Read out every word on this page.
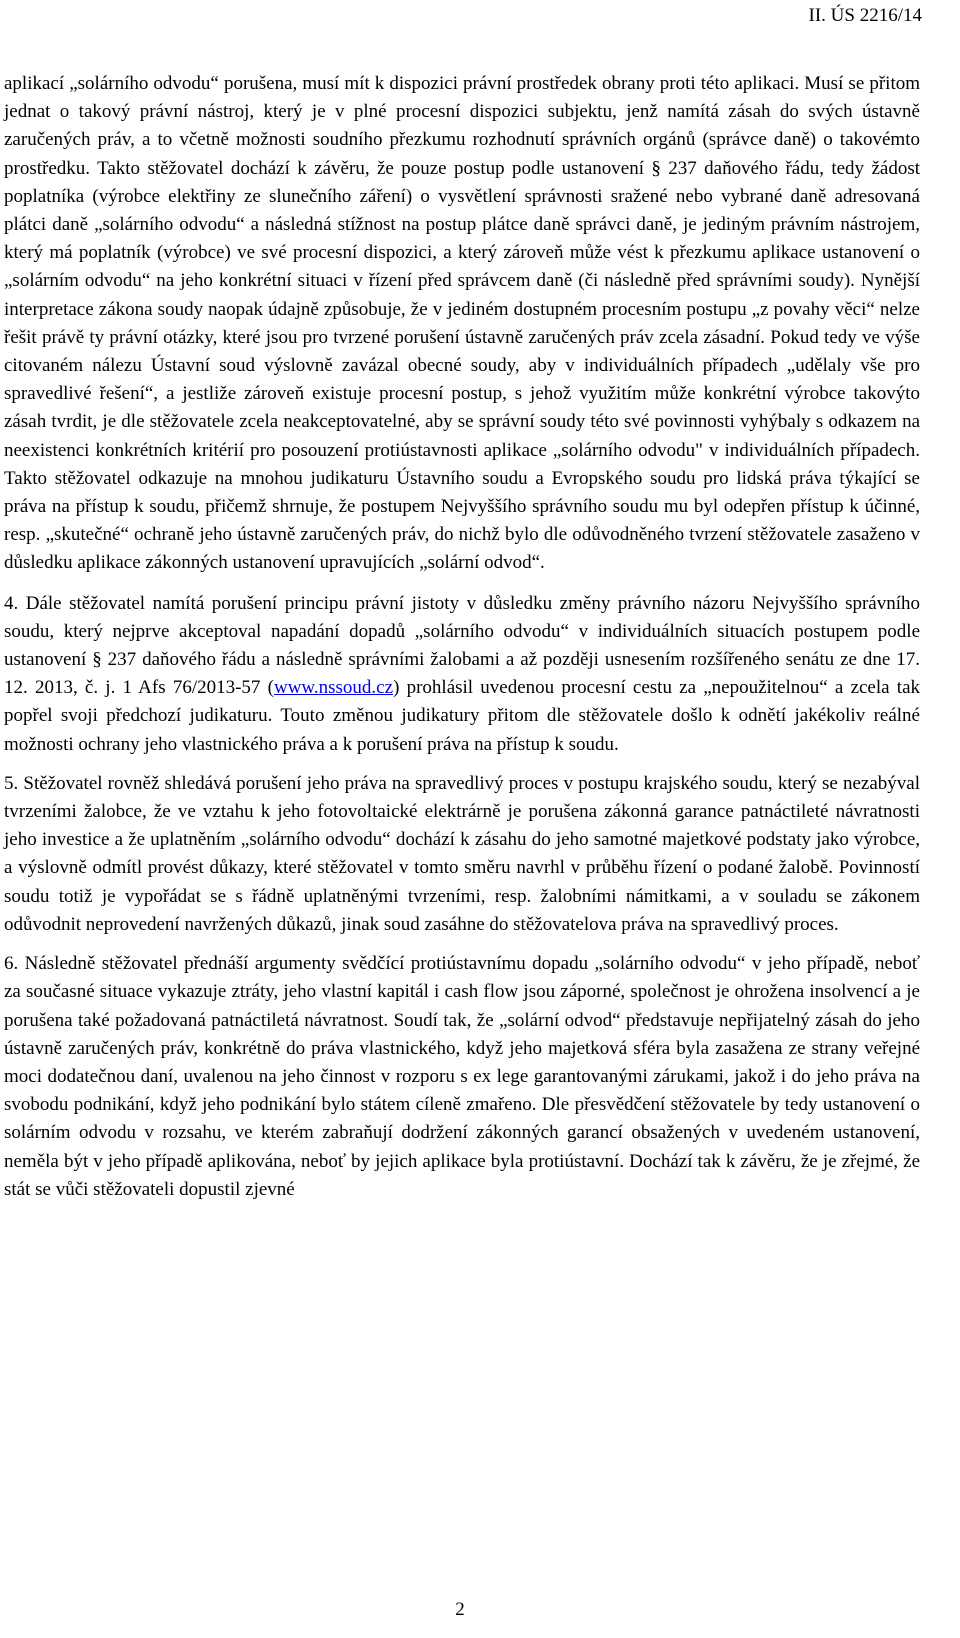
II. ÚS 2216/14

aplikací „solárního odvodu“ porušena, musí mít k dispozici právní prostředek obrany proti této aplikaci. Musí se přitom jednat o takový právní nástroj, který je v plné procesní dispozici subjektu, jenž namítá zásah do svých ústavně zaručených práv, a to včetně možnosti soudního přezkumu rozhodnutí správních orgánů (správce daně) o takovémto prostředku. Takto stěžovatel dochází k závěru, že pouze postup podle ustanovení § 237 daňového řádu, tedy žádost poplatníka (výrobce elektřiny ze slunečního záření) o vysvětlení správnosti sražené nebo vybrané daně adresovaná plátci daně „solárního odvodu“ a následná stížnost na postup plátce daně správci daně, je jediným právním nástrojem, který má poplatník (výrobce) ve své procesní dispozici, a který zároveň může vést k přezkumu aplikace ustanovení o „solárním odvodu“ na jeho konkrétní situaci v řízení před správcem daně (či následně před správními soudy). Nynější interpretace zákona soudy naopak údajně způsobuje, že v jediném dostupném procesním postupu „z povahy věci“ nelze řešit právě ty právní otázky, které jsou pro tvrzené porušení ústavně zaručených práv zcela zásadní. Pokud tedy ve výše citovaném nálezu Ústavní soud výslovně zavázal obecné soudy, aby v individuálních případech „udělaly vše pro spravedlivé řešení“, a jestliže zároveň existuje procesní postup, s jehož využitím může konkrétní výrobce takovýto zásah tvrdit, je dle stěžovatele zcela neakceptovatelné, aby se správní soudy této své povinnosti vyhýbaly s odkazem na neexistenci konkrétních kritérií pro posouzení protiústavnosti aplikace „solárního odvodu" v individuálních případech. Takto stěžovatel odkazuje na mnohou judikaturu Ústavního soudu a Evropského soudu pro lidská práva týkající se práva na přístup k soudu, přičemž shrnuje, že postupem Nejvyššího správního soudu mu byl odepřen přístup k účinné, resp. „skutečné“ ochraně jeho ústavně zaručených práv, do nichž bylo dle odůvodněného tvrzení stěžovatele zasaženo v důsledku aplikace zákonných ustanovení upravujících „solární odvod“.

4. Dále stěžovatel namítá porušení principu právní jistoty v důsledku změny právního názoru Nejvyššího správního soudu, který nejprve akceptoval napadání dopadů „solárního odvodu“ v individuálních situacích postupem podle ustanovení § 237 daňového řádu a následně správními žalobami a až později usnesením rozšířeného senátu ze dne 17. 12. 2013, č. j. 1 Afs 76/2013-57 (www.nssoud.cz) prohlásil uvedenou procesní cestu za „nepoužitelnou“ a zcela tak popřel svoji předchozí judikaturu. Touto změnou judikatury přitom dle stěžovatele došlo k odnětí jakékoliv reálné možnosti ochrany jeho vlastnického práva a k porušení práva na přístup k soudu.

5. Stěžovatel rovněž shledává porušení jeho práva na spravedlivý proces v postupu krajského soudu, který se nezabýval tvrzeními žalobce, že ve vztahu k jeho fotovoltaické elektrárně je porušena zákonná garance patnáctileté návratnosti jeho investice a že uplatněním „solárního odvodu“ dochází k zásahu do jeho samotné majetkové podstaty jako výrobce, a výslovně odmítl provést důkazy, které stěžovatel v tomto směru navrhl v průběhu řízení o podané žalobě. Povinností soudu totiž je vypořádat se s řádně uplatněnými tvrzeními, resp. žalobními námitkami, a v souladu se zákonem odůvodnit neprovedení navržených důkazů, jinak soud zasáhne do stěžovatelova práva na spravedlivý proces.

6. Následně stěžovatel přednáší argumenty svědčící protiústavnímu dopadu „solárního odvodu“ v jeho případě, neboť za současné situace vykazuje ztráty, jeho vlastní kapitál i cash flow jsou záporné, společnost je ohrožena insolvencí a je porušena také požadovaná patnáctiletá návratnost. Soudí tak, že „solární odvod“ představuje nepřijatelný zásah do jeho ústavně zaručených práv, konkrétně do práva vlastnického, když jeho majetková sféra byla zasažena ze strany veřejné moci dodatečnou daní, uvalenou na jeho činnost v rozporu s ex lege garantovanými zárukami, jakož i do jeho práva na svobodu podnikání, když jeho podnikání bylo státem cíleně zmařeno. Dle přesvědčení stěžovatele by tedy ustanovení o solárním odvodu v rozsahu, ve kterém zabraňují dodržení zákonných garancí obsažených v uvedeném ustanovení, neměla být v jeho případě aplikována, neboť by jejich aplikace byla protiústavní. Dochází tak k závěru, že je zřejmé, že stát se vůči stěžovateli dopustil zjevné

2
